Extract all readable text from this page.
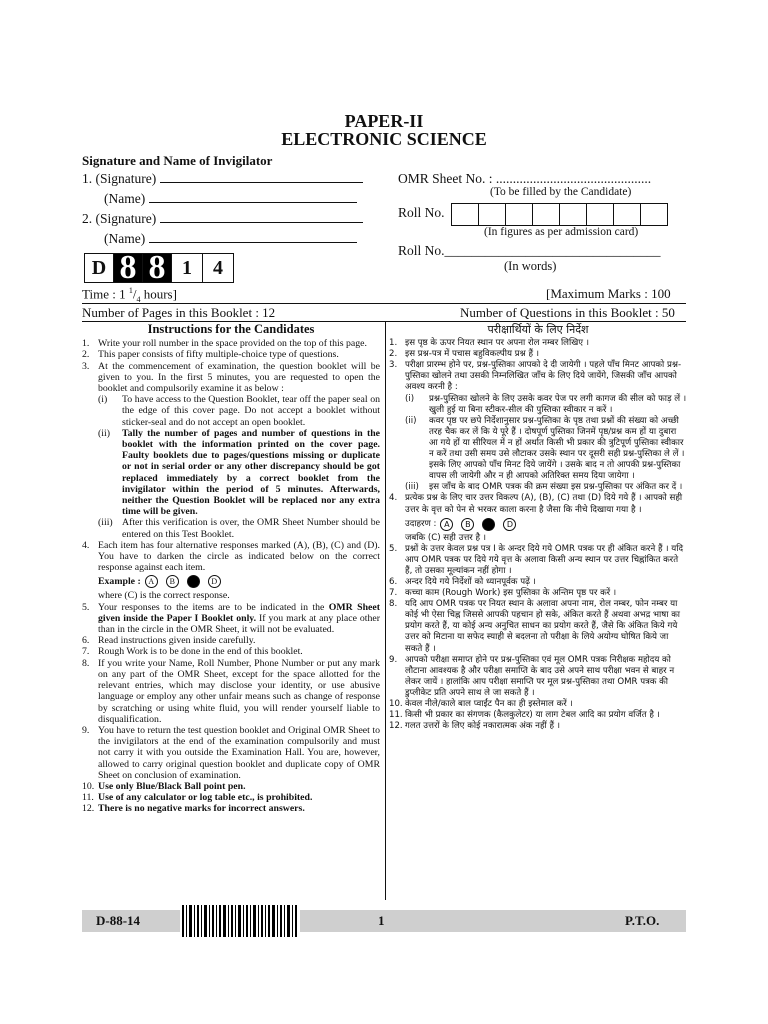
PAPER-II
ELECTRONIC SCIENCE
Signature and Name of Invigilator
1. (Signature)
(Name)
2. (Signature)
(Name)
OMR Sheet No. : ..............................................
(To be filled by the Candidate)
Roll No.
(In figures as per admission card)
Roll No.________________________________
(In words)
D 8 8 1	4
Time : 1 $^1/_4$ hours]	[Maximum Marks : 100
Number of Pages in this Booklet : 12	Number of Questions in this Booklet : 50
Instructions for the Candidates
1. Write your roll number in the space provided on the top of this page.
2. This paper consists of fifty multiple-choice type of questions.
3. At the commencement of examination, the question booklet will be given to you. In the first 5 minutes, you are requested to open the booklet and compulsorily examine it as below :
(i)	To have access to the Question Booklet, tear off the paper seal on the edge of this cover page. Do not accept a booklet without sticker-seal and do not accept an open booklet.
(ii)	Tally the number of pages and number of questions in the booklet with the information printed on the cover page. Faulty booklets due to pages/questions missing or duplicate or not in serial order or any other discrepancy should be got replaced immediately by a correct booklet from the invigilator within the period of 5 minutes. Afterwards, neither the Question Booklet will be replaced nor any extra time will be given.
(iii) After this verification is over, the OMR Sheet Number should be entered on this Test Booklet.
4. Each item has four alternative responses marked (A), (B), (C) and (D). You have to darken the circle as indicated below on the correct response against each item.
Example : A	B	D
where (C) is the correct response.
5. Your responses to the items are to be indicated in the OMR Sheet given inside the Paper I Booklet only. If you mark at any place other than in the circle in the OMR Sheet, it will not be evaluated.
6. Read instructions given inside carefully.
7. Rough Work is to be done in the end of this booklet.
8. If you write your Name, Roll Number, Phone Number or put any mark on any part of the OMR Sheet, except for the space allotted for the relevant entries, which may disclose your identity, or use abusive language or employ any other unfair means such as change of response by scratching or using white fluid, you will render yourself liable to disqualification.
9. You have to return the test question booklet and Original OMR Sheet to the invigilators at the end of the examination compulsorily and must not carry it with you outside the Examination Hall. You are, however, allowed to carry original question booklet and duplicate copy of OMR Sheet on conclusion of examination.
10. Use only Blue/Black Ball point pen.
11. Use of any calculator or log table etc., is prohibited.
12. There is no negative marks for incorrect answers.
परीक्षार्थियों के लिए निर्देश
1. इस पृष्ठ के ऊपर नियत स्थान पर अपना रोल नम्बर लिखिए ।
2. इस प्रश्न-पत्र में पचास बहुविकल्पीय प्रश्न हैं ।
3. परीक्षा प्रारम्भ होने पर, प्रश्न-पुस्तिका आपको दे दी जायेगी । पहले पाँच मिनट आपको प्रश्न-पुस्तिका खोलने तथा उसकी निम्नलिखित जाँच के लिए दिये जायेंगे, जिसकी जाँच आपको अवश्य करनी है :
(i)	प्रश्न-पुस्तिका खोलने के लिए उसके कवर पेज पर लगी कागज की सील को फाड़ लें । खुली हुई या बिना स्टीकर-सील की पुस्तिका स्वीकार न करें ।
(ii)	कवर पृष्ठ पर छपे निर्देशानुसार प्रश्न-पुस्तिका के पृष्ठ तथा प्रश्नों की संख्या को अच्छी तरह चैक कर लें कि ये पूरे हैं । दोषपूर्ण पुस्तिका जिनमें पृष्ठ/प्रश्न कम हों या दुबारा आ गये हों या सीरियल में न हों अर्थात किसी भी प्रकार की त्रुटिपूर्ण पुस्तिका स्वीकार न करें तथा उसी समय उसे लौटाकर उसके स्थान पर दूसरी सही प्रश्न-पुस्तिका ले लें । इसके लिए आपको पाँच मिनट दिये जायेंगे । उसके बाद न तो आपकी प्रश्न-पुस्तिका वापस ली जायेगी और न ही आपको अतिरिक्त समय दिया जायेगा ।
(iii)	इस जाँच के बाद OMR पत्रक की क्रम संख्या इस प्रश्न-पुस्तिका पर अंकित कर दें ।
4. प्रत्येक प्रश्न के लिए चार उत्तर विकल्प (A), (B), (C) तथा (D) दिये गये हैं । आपको सही उत्तर के वृत्त को पेन से भरकर काला करना है जैसा कि नीचे दिखाया गया है ।
उदाहरण : A	B	D
जबकि (C) सही उत्तर है ।
5. प्रश्नों के उत्तर केवल प्रश्न पत्र I के अन्दर दिये गये OMR पत्रक पर ही अंकित करने हैं । यदि आप OMR पत्रक पर दिये गये वृत्त के अलावा किसी अन्य स्थान पर उत्तर चिह्नांकित करते हैं, तो उसका मूल्यांकन नहीं होगा ।
6. अन्दर दिये गये निर्देशों को ध्यानपूर्वक पढ़ें ।
7. कच्चा काम (Rough Work) इस पुस्तिका के अन्तिम पृष्ठ पर करें ।
8. यदि आप OMR पत्रक पर नियत स्थान के अलावा अपना नाम, रोल नम्बर, फोन नम्बर या कोई भी ऐसा चिह्न जिससे आपकी पहचान हो सके, अंकित करते हैं अथवा अभद्र भाषा का प्रयोग करते हैं, या कोई अन्य अनुचित साधन का प्रयोग करते हैं, जैसे कि अंकित किये गये उत्तर को मिटाना या सफेद स्याही से बदलना तो परीक्षा के लिये अयोग्य घोषित किये जा सकते हैं ।
9. आपको परीक्षा समाप्त होने पर प्रश्न-पुस्तिका एवं मूल OMR पत्रक निरीक्षक महोदय को लौटाना आवश्यक है और परीक्षा समाप्ति के बाद उसे अपने साथ परीक्षा भवन से बाहर न लेकर जायें । हालांकि आप परीक्षा समाप्ति पर मूल प्रश्न-पुस्तिका तथा OMR पत्रक की डुप्लीकेट प्रति अपने साथ ले जा सकते हैं ।
10. केवल नीले/काले बाल प्वाईंट पैन का ही इस्तेमाल करें ।
11. किसी भी प्रकार का संगणक (कैलकुलेटर) या लाग टेबल आदि का प्रयोग वर्जित है ।
12. गलत उत्तरों के लिए कोई नकारात्मक अंक नहीं हैं ।
D-88-14	1	P.T.O.
